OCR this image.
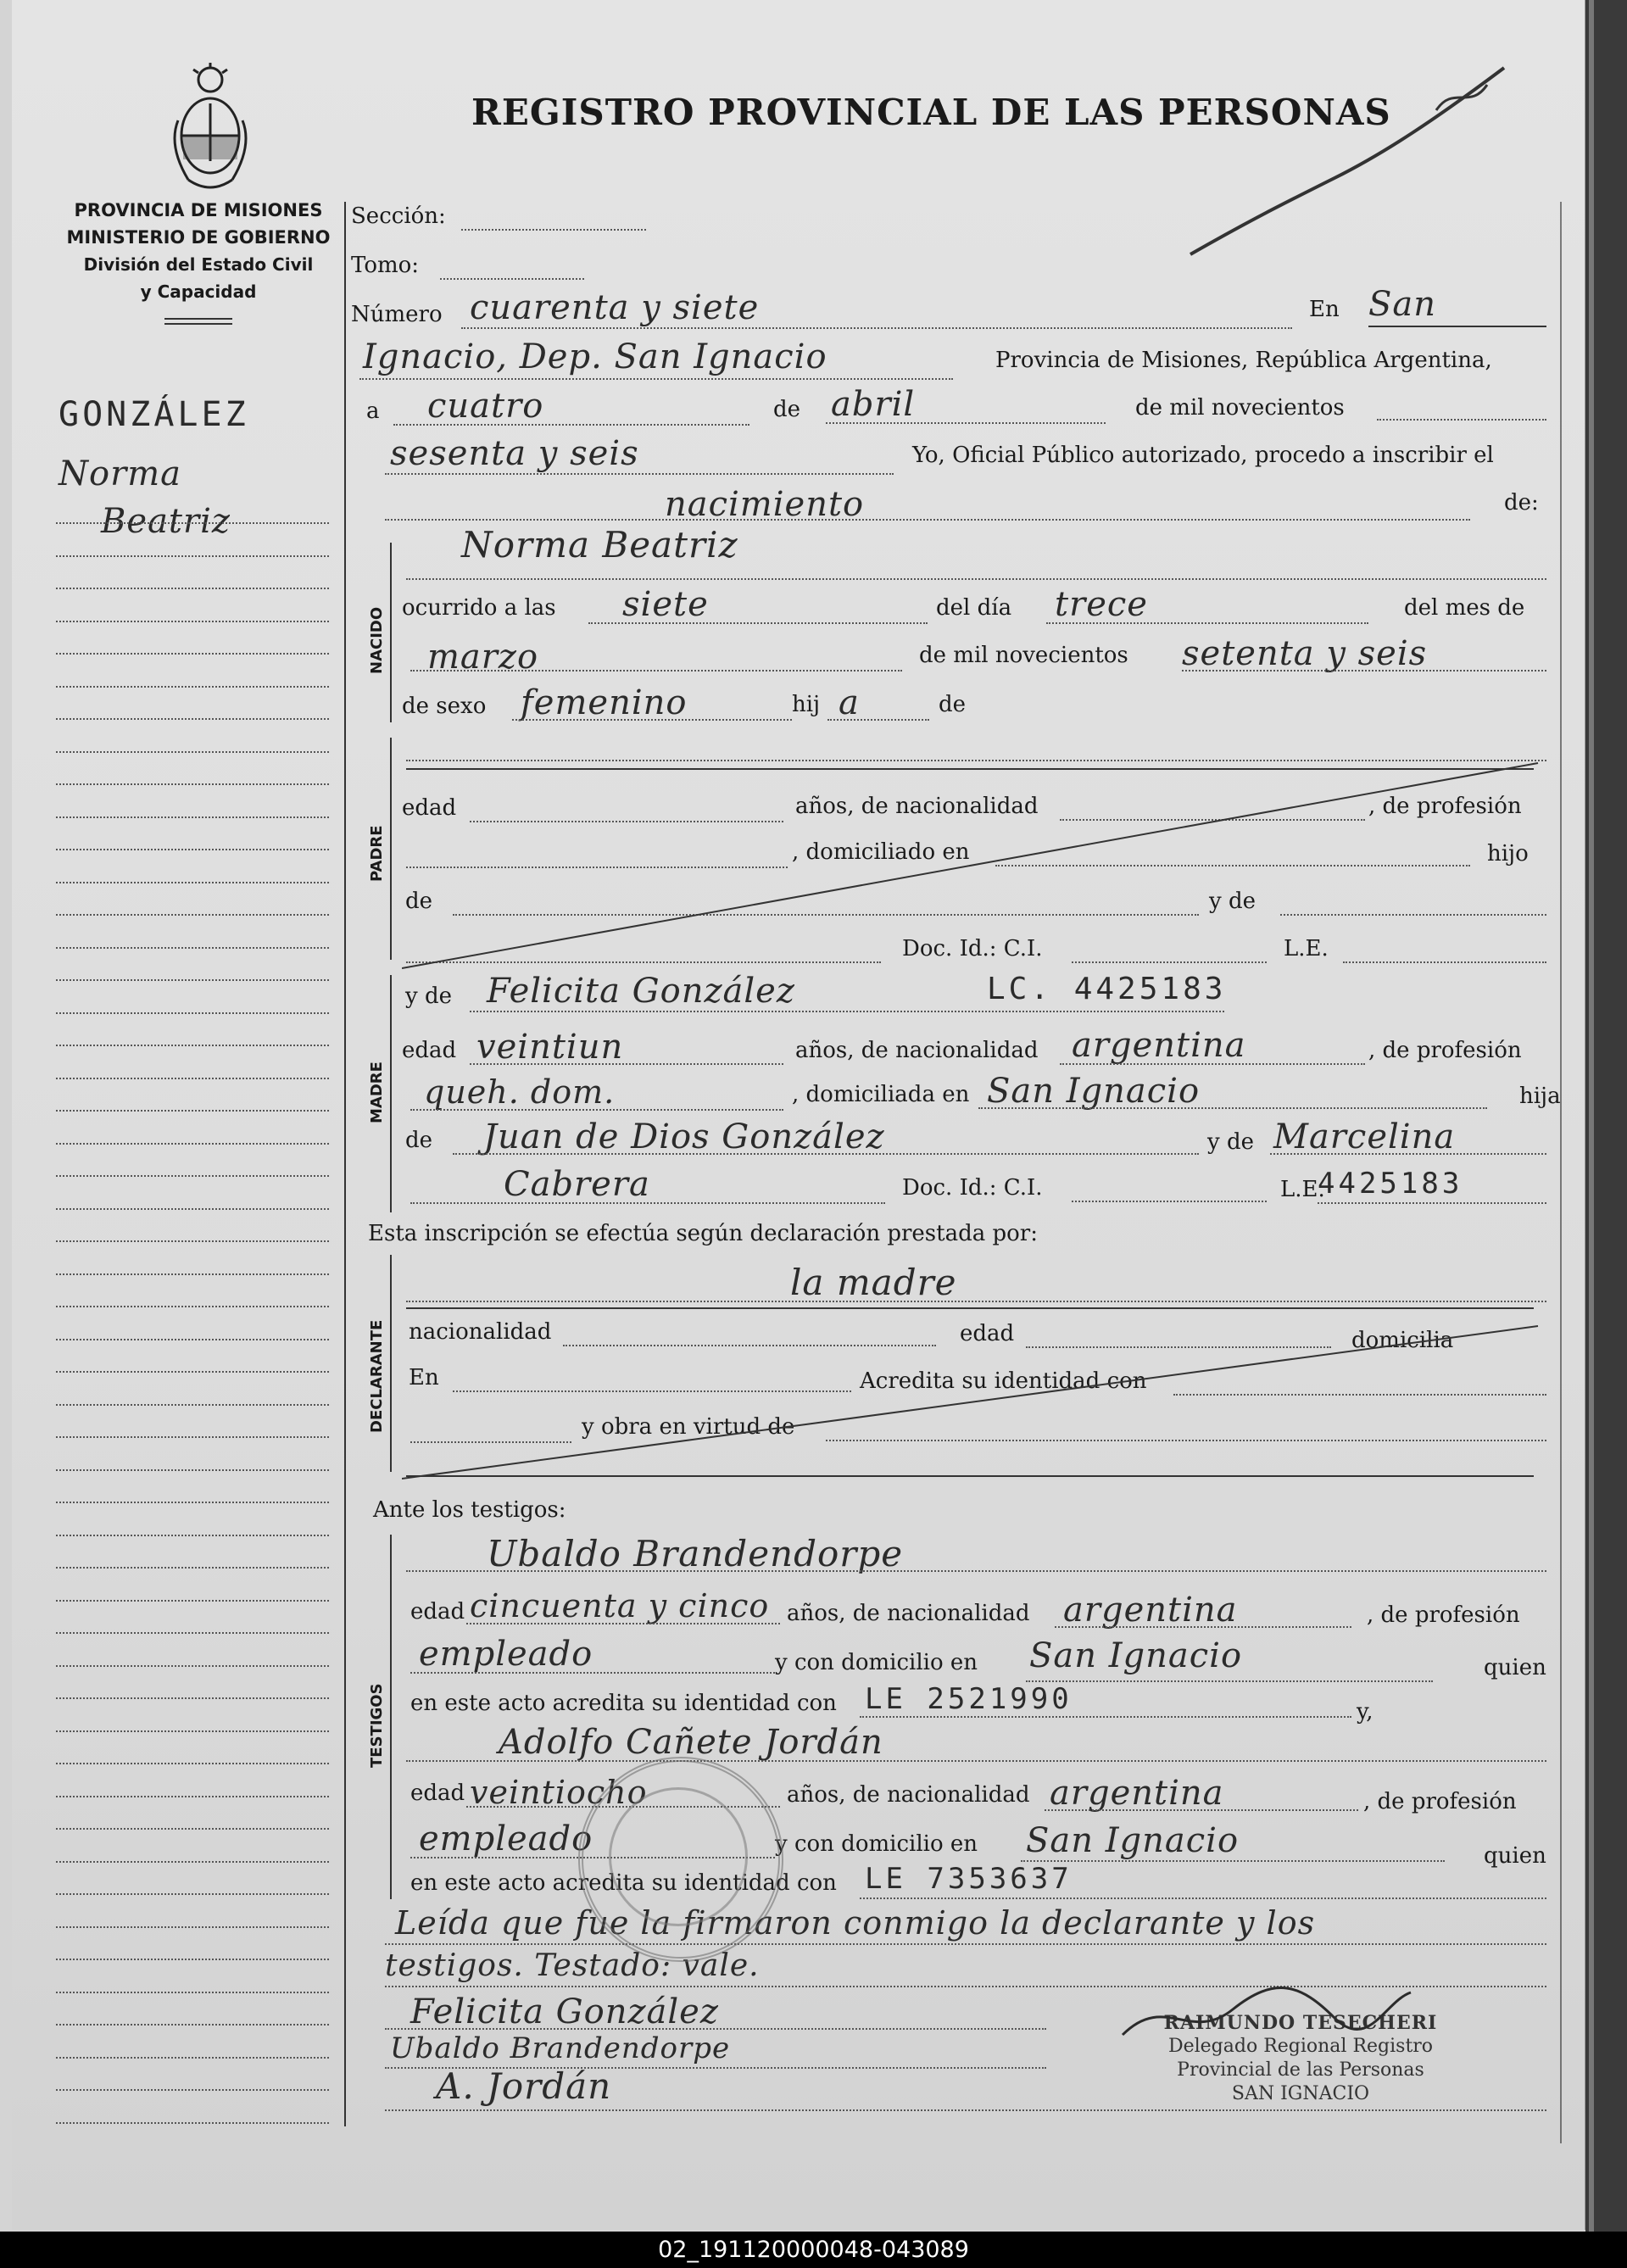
PROVINCIA DE MISIONES
MINISTERIO DE GOBIERNO
División del Estado Civil
y Capacidad
REGISTRO PROVINCIAL DE LAS PERSONAS
GONZÁLEZ
Norma
Beatriz
Sección:
Tomo:
Número cuarenta y siete	En San
Ignacio, Dep. San Ignacio	Provincia de Misiones, República Argentina,
a cuatro	de abril	de mil novecientos
sesenta y seis	Yo, Oficial Público autorizado, procedo a inscribir el
nacimiento	de:
NACIDO
Norma Beatriz
ocurrido a las siete	del día trece	del mes de
marzo	de mil novecientos setenta y seis
de sexo femenino	hij a	de
PADRE
edad	años, de nacionalidad	, de profesión
, domiciliado en	hijo
de	y de
Doc. Id.: C.I.	L.E.
MADRE
y de Felicita González	LC. 4425183
edad veintiun	años, de nacionalidad argentina	, de profesión
queh. dom.	, domiciliada en San Ignacio	hija
de Juan de Dios González	y de Marcelina
Cabrera	Doc. Id.: C.I.	L.E.
4425183
Esta inscripción se efectúa según declaración prestada por:
DECLARANTE
la madre
nacionalidad	edad	domicilia
En	Acredita su identidad con
y obra en virtud de
Ante los testigos:
TESTIGOS
Ubaldo Brandendorpe
edad cincuenta y cinco años, de nacionalidad argentina	, de profesión
empleado	y con domicilio en San Ignacio	quien
en este acto acredita su identidad con LE 2521990	y,
Adolfo Cañete Jordán
edad veintiocho	años, de nacionalidad argentina	, de profesión
empleado	y con domicilio en San Ignacio	quien
en este acto acredita su identidad con LE 7353637
Leída que fue la firmaron conmigo la declarante y los
testigos. Testado: vale.
Felicita González
Ubaldo Brandendorpe
A. Jordán
RAIMUNDO TESECHERI
Delegado Regional Registro
Provincial de las Personas
SAN IGNACIO
02_191120000048-043089
